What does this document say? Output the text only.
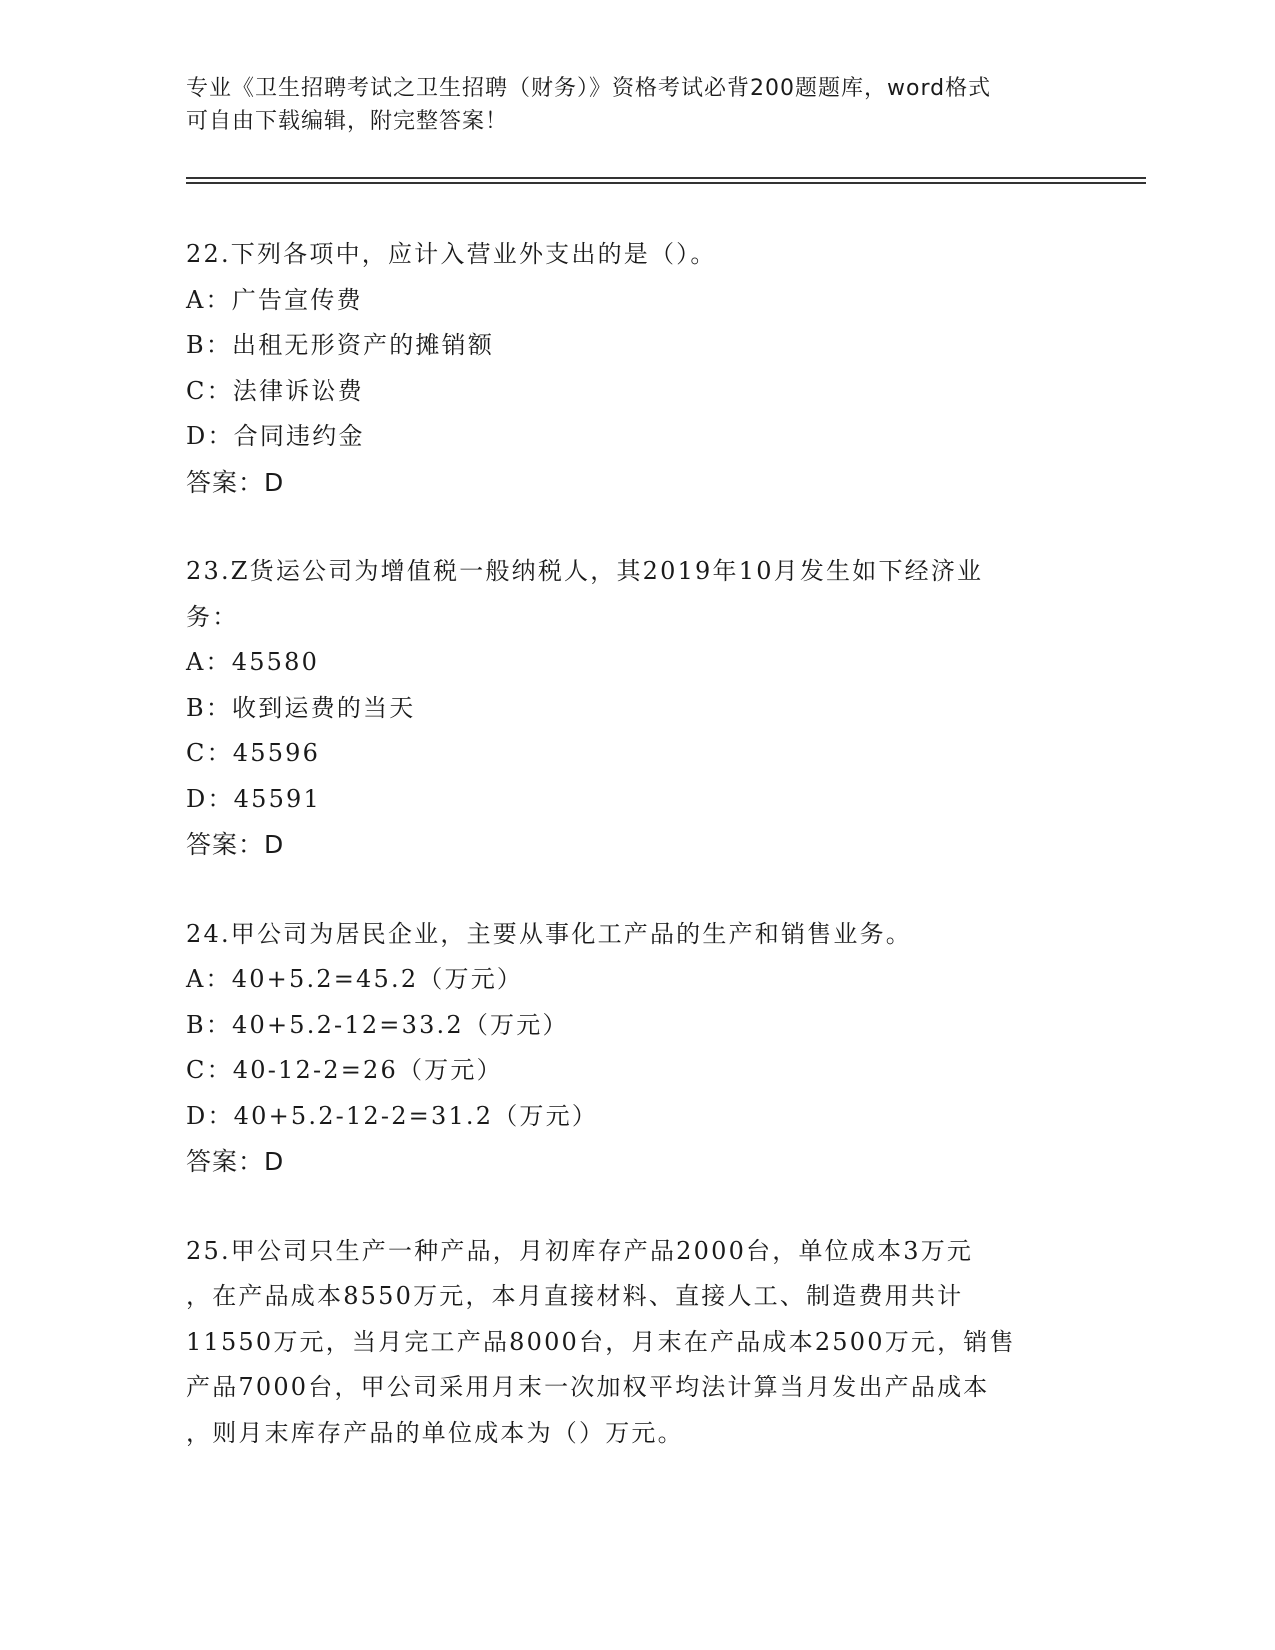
专业《卫生招聘考试之卫生招聘（财务）》资格考试必背200题题库，word格式
可自由下载编辑，附完整答案！
22.下列各项中，应计入营业外支出的是（）。
A：广告宣传费
B：出租无形资产的摊销额
C：法律诉讼费
D：合同违约金
答案：D
23.Z货运公司为增值税一般纳税人，其2019年10月发生如下经济业
务：
A：45580
B：收到运费的当天
C：45596
D：45591
答案：D
24.甲公司为居民企业，主要从事化工产品的生产和销售业务。
A：40+5.2=45.2（万元）
B：40+5.2-12=33.2（万元）
C：40-12-2=26（万元）
D：40+5.2-12-2=31.2（万元）
答案：D
25.甲公司只生产一种产品，月初库存产品2000台，单位成本3万元
，在产品成本8550万元，本月直接材料、直接人工、制造费用共计
11550万元，当月完工产品8000台，月末在产品成本2500万元，销售
产品7000台，甲公司采用月末一次加权平均法计算当月发出产品成本
，则月末库存产品的单位成本为（）万元。
